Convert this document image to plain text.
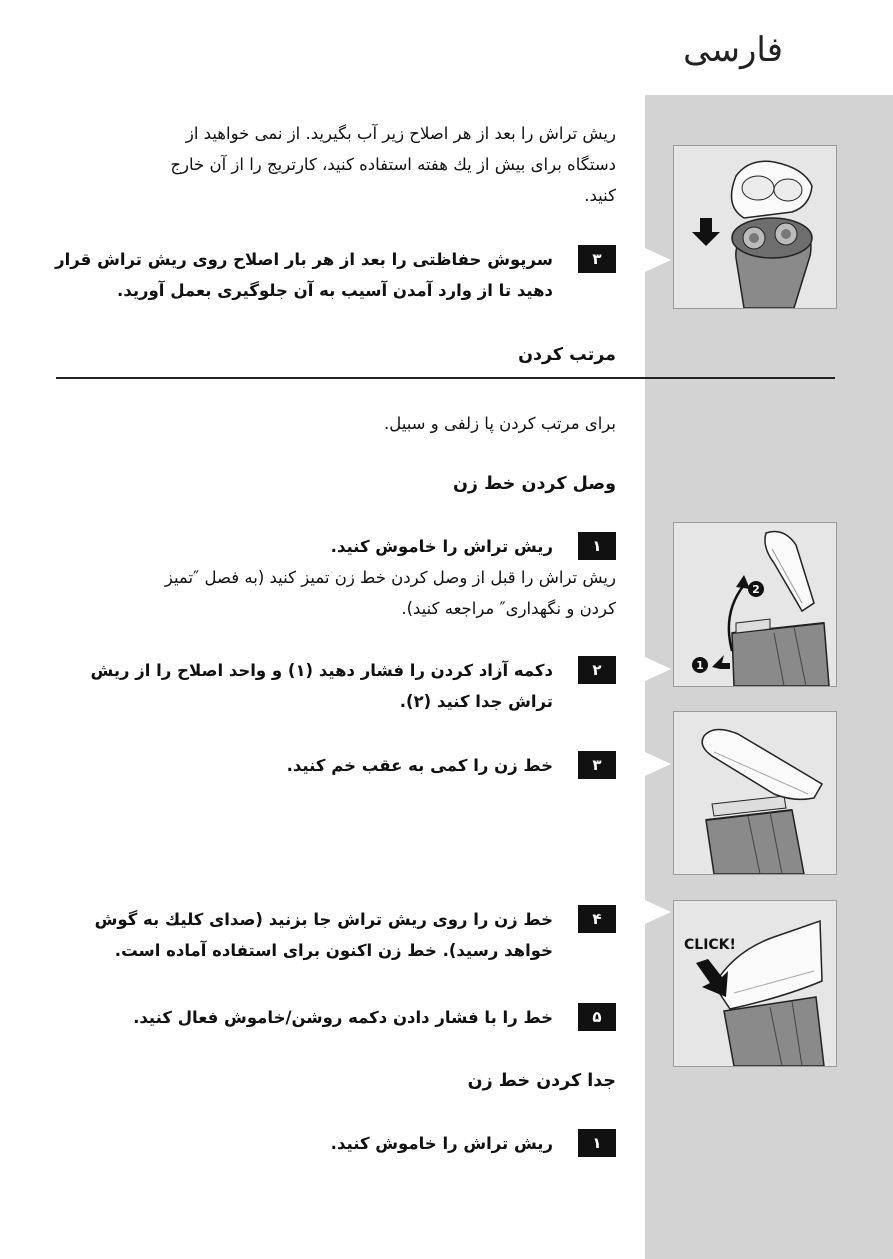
فارسی
ریش تراش را بعد از هر اصلاح زیر آب بگیرید. از نمی خواهید از
دستگاه برای بیش از یك هفته استفاده كنید، كارتریج را از آن خارج
كنید.
۳
سرپوش حفاظتی را بعد از هر بار اصلاح روی ریش تراش قرار
دهید تا از وارد آمدن آسیب به آن جلوگیری بعمل آورید.
مرتب كردن
برای مرتب كردن پا زلفی و سبیل.
وصل كردن خط زن
۱
ریش تراش را خاموش كنید.
ریش تراش را قبل از وصل كردن خط زن تمیز كنید (به فصل ″تمیز
كردن و نگهداری″ مراجعه كنید).
۲
دكمه آزاد كردن را فشار دهید (۱) و واحد اصلاح را از ریش
تراش جدا كنید (۲).
۳
خط زن را كمی به عقب خم كنید.
۴
خط زن را روی ریش تراش جا بزنید (صدای كلیك به گوش
خواهد رسید). خط زن اكنون برای استفاده آماده است.
۵
خط را با فشار دادن دكمه روشن/خاموش فعال كنید.
جدا كردن خط زن
۱
ریش تراش را خاموش كنید.
2
1
CLICK!
